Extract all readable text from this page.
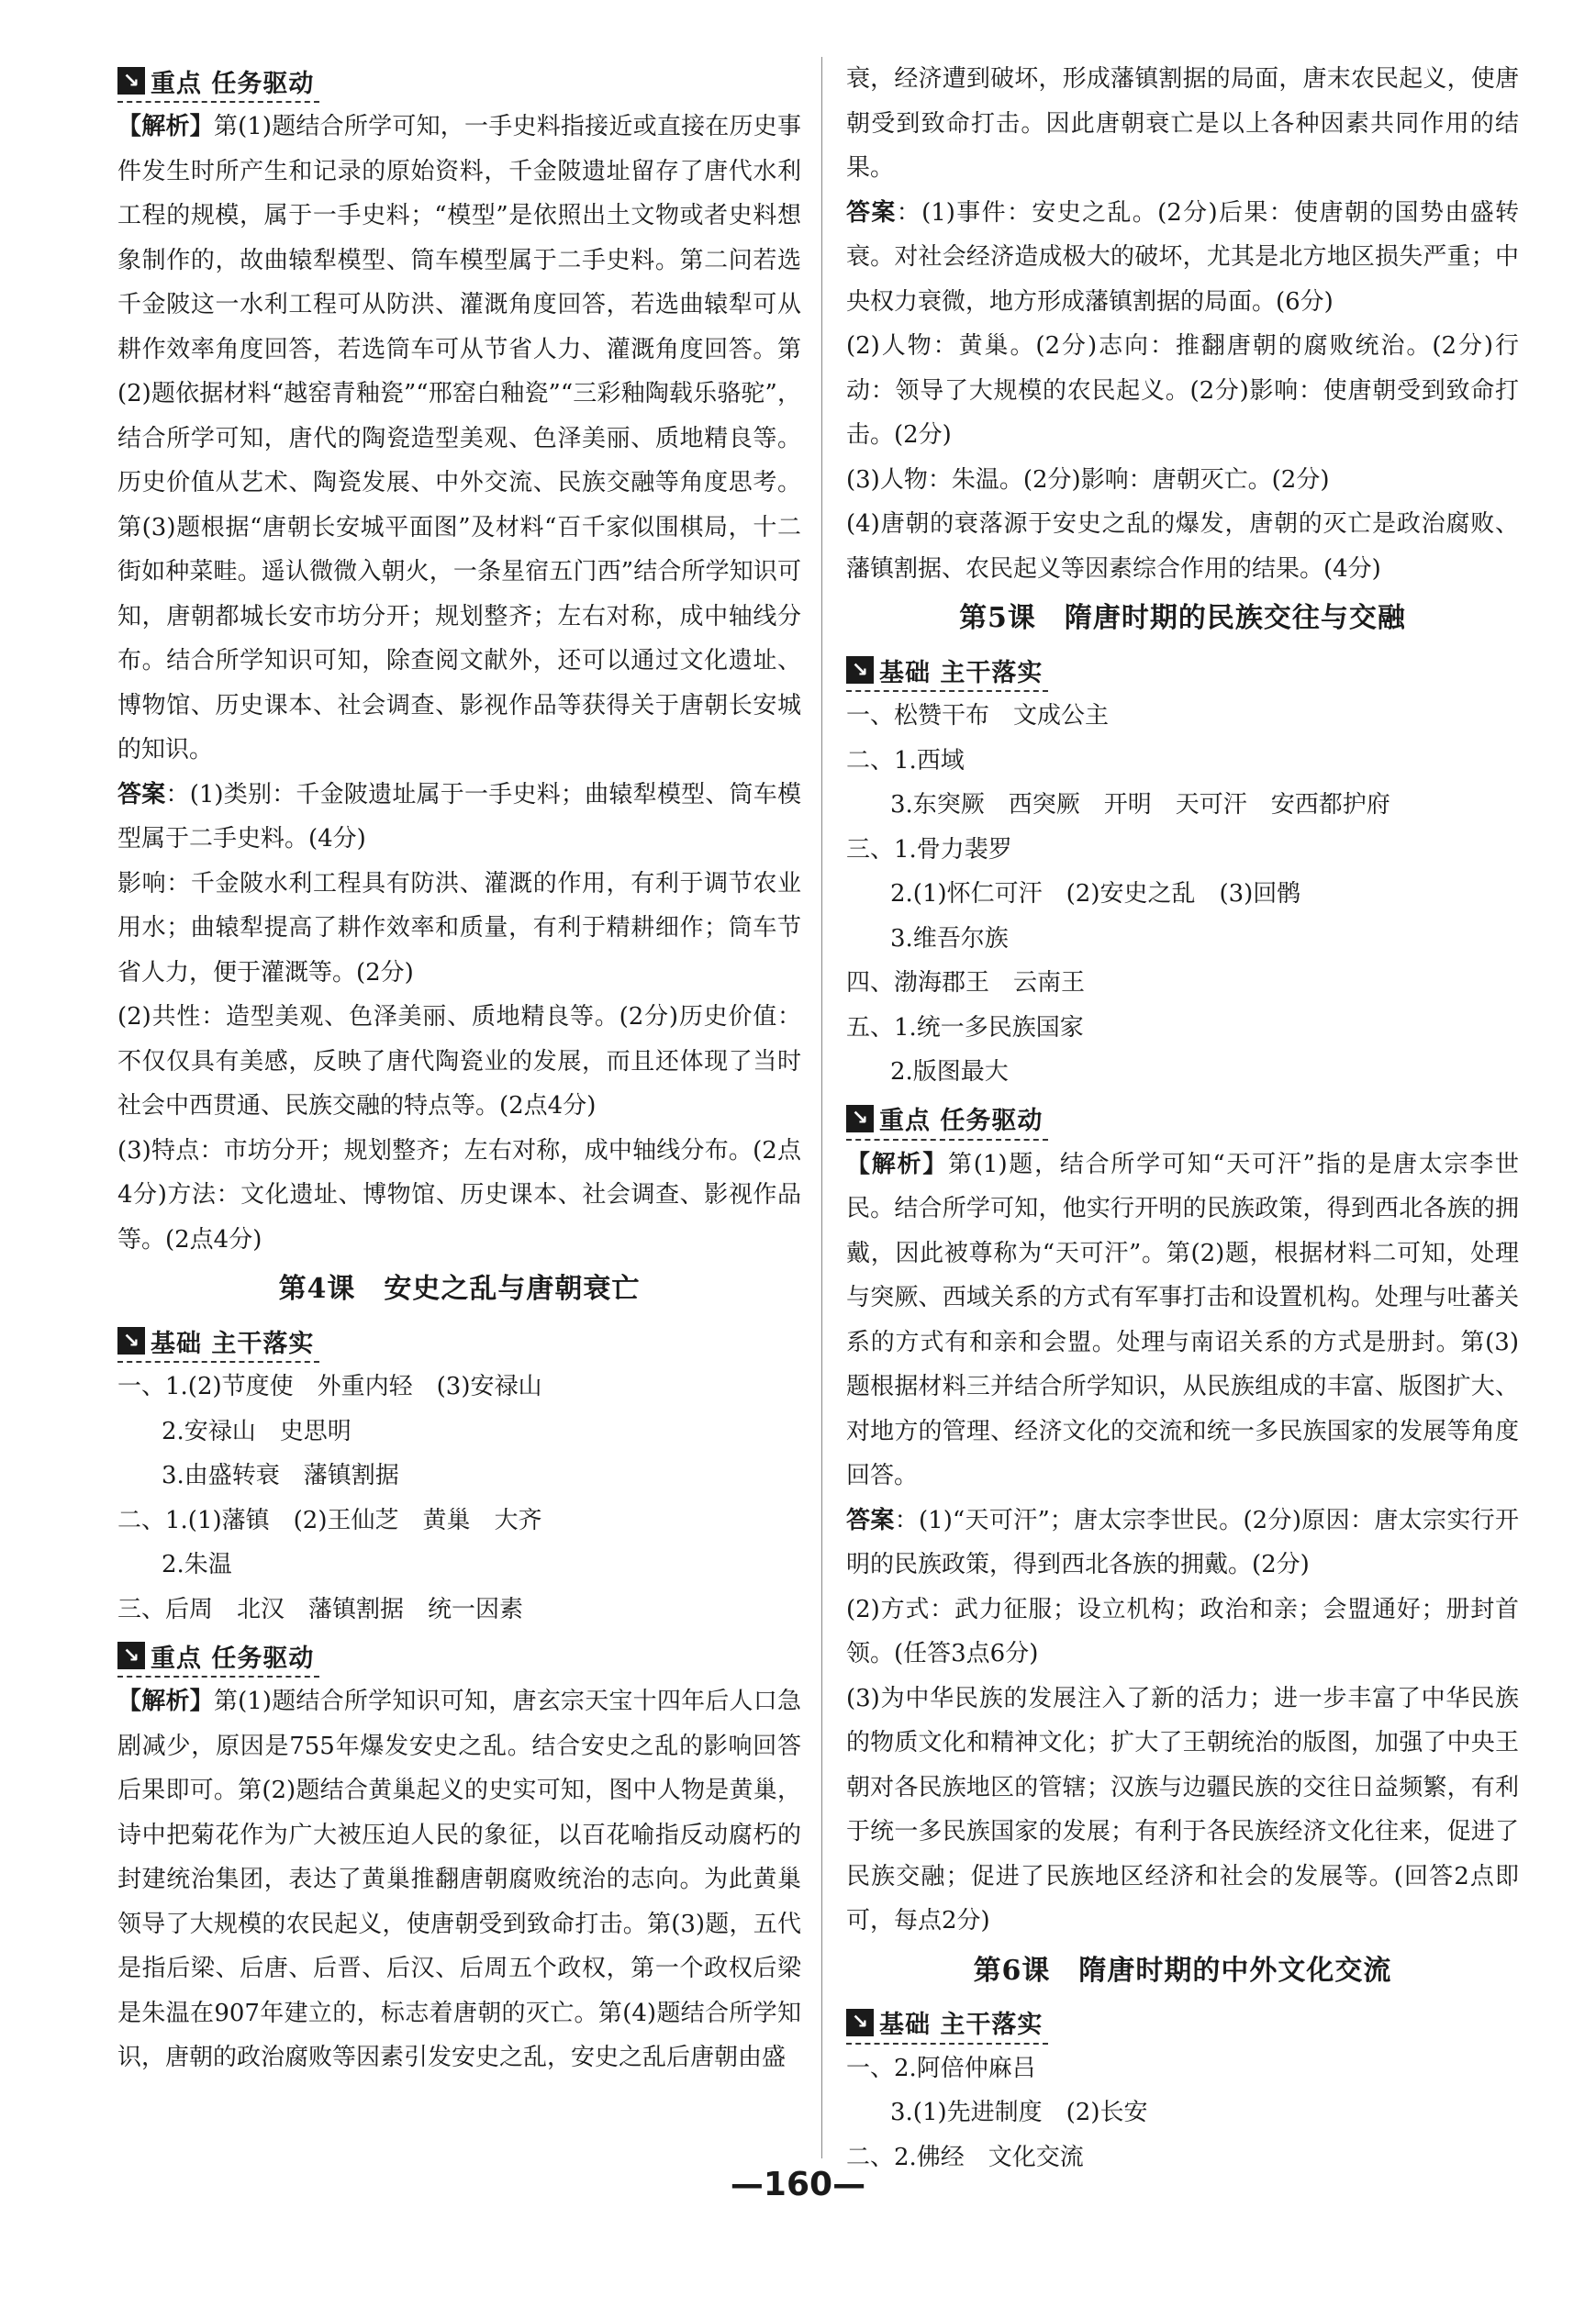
↘ 重点 任务驱动

【解析】第(1)题结合所学可知，一手史料指接近或直接在历史事件发生时所产生和记录的原始资料，千金陂遗址留存了唐代水利工程的规模，属于一手史料；“模型”是依照出土文物或者史料想象制作的，故曲辕犁模型、筒车模型属于二手史料。第二问若选千金陂这一水利工程可从防洪、灌溉角度回答，若选曲辕犁可从耕作效率角度回答，若选筒车可从节省人力、灌溉角度回答。第(2)题依据材料“越窑青釉瓷”“邢窑白釉瓷”“三彩釉陶载乐骆驼”，结合所学可知，唐代的陶瓷造型美观、色泽美丽、质地精良等。历史价值从艺术、陶瓷发展、中外交流、民族交融等角度思考。第(3)题根据“唐朝长安城平面图”及材料“百千家似围棋局，十二街如种菜畦。遥认微微入朝火，一条星宿五门西”结合所学知识可知，唐朝都城长安市坊分开；规划整齐；左右对称，成中轴线分布。结合所学知识可知，除查阅文献外，还可以通过文化遗址、博物馆、历史课本、社会调查、影视作品等获得关于唐朝长安城的知识。

答案：(1)类别：千金陂遗址属于一手史料；曲辕犁模型、筒车模型属于二手史料。(4分)

影响：千金陂水利工程具有防洪、灌溉的作用，有利于调节农业用水；曲辕犁提高了耕作效率和质量，有利于精耕细作；筒车节省人力，便于灌溉等。(2分)

(2)共性：造型美观、色泽美丽、质地精良等。(2分)历史价值：不仅仅具有美感，反映了唐代陶瓷业的发展，而且还体现了当时社会中西贯通、民族交融的特点等。(2点4分)

(3)特点：市坊分开；规划整齐；左右对称，成中轴线分布。(2点4分)方法：文化遗址、博物馆、历史课本、社会调查、影视作品等。(2点4分)

第4课　安史之乱与唐朝衰亡
↘ 基础 主干落实

一、1.(2)节度使　外重内轻　(3)安禄山

2.安禄山　史思明

3.由盛转衰　藩镇割据

二、1.(1)藩镇　(2)王仙芝　黄巢　大齐

2.朱温

三、后周　北汉　藩镇割据　统一因素

↘ 重点 任务驱动

【解析】第(1)题结合所学知识可知，唐玄宗天宝十四年后人口急剧减少，原因是755年爆发安史之乱。结合安史之乱的影响回答后果即可。第(2)题结合黄巢起义的史实可知，图中人物是黄巢，诗中把菊花作为广大被压迫人民的象征，以百花喻指反动腐朽的封建统治集团，表达了黄巢推翻唐朝腐败统治的志向。为此黄巢领导了大规模的农民起义，使唐朝受到致命打击。第(3)题，五代是指后梁、后唐、后晋、后汉、后周五个政权，第一个政权后梁是朱温在907年建立的，标志着唐朝的灭亡。第(4)题结合所学知识，唐朝的政治腐败等因素引发安史之乱，安史之乱后唐朝由盛

衰，经济遭到破坏，形成藩镇割据的局面，唐末农民起义，使唐朝受到致命打击。因此唐朝衰亡是以上各种因素共同作用的结果。

答案：(1)事件：安史之乱。(2分)后果：使唐朝的国势由盛转衰。对社会经济造成极大的破坏，尤其是北方地区损失严重；中央权力衰微，地方形成藩镇割据的局面。(6分)

(2)人物：黄巢。(2分)志向：推翻唐朝的腐败统治。(2分)行动：领导了大规模的农民起义。(2分)影响：使唐朝受到致命打击。(2分)

(3)人物：朱温。(2分)影响：唐朝灭亡。(2分)

(4)唐朝的衰落源于安史之乱的爆发，唐朝的灭亡是政治腐败、藩镇割据、农民起义等因素综合作用的结果。(4分)

第5课　隋唐时期的民族交往与交融
↘ 基础 主干落实

一、松赞干布　文成公主

二、1.西域

3.东突厥　西突厥　开明　天可汗　安西都护府

三、1.骨力裴罗

2.(1)怀仁可汗　(2)安史之乱　(3)回鹘

3.维吾尔族

四、渤海郡王　云南王

五、1.统一多民族国家

2.版图最大

↘ 重点 任务驱动

【解析】第(1)题，结合所学可知“天可汗”指的是唐太宗李世民。结合所学可知，他实行开明的民族政策，得到西北各族的拥戴，因此被尊称为“天可汗”。第(2)题，根据材料二可知，处理与突厥、西域关系的方式有军事打击和设置机构。处理与吐蕃关系的方式有和亲和会盟。处理与南诏关系的方式是册封。第(3)题根据材料三并结合所学知识，从民族组成的丰富、版图扩大、对地方的管理、经济文化的交流和统一多民族国家的发展等角度回答。

答案：(1)“天可汗”；唐太宗李世民。(2分)原因：唐太宗实行开明的民族政策，得到西北各族的拥戴。(2分)

(2)方式：武力征服；设立机构；政治和亲；会盟通好；册封首领。(任答3点6分)

(3)为中华民族的发展注入了新的活力；进一步丰富了中华民族的物质文化和精神文化；扩大了王朝统治的版图，加强了中央王朝对各民族地区的管辖；汉族与边疆民族的交往日益频繁，有利于统一多民族国家的发展；有利于各民族经济文化往来，促进了民族交融；促进了民族地区经济和社会的发展等。(回答2点即可，每点2分)

第6课　隋唐时期的中外文化交流
↘ 基础 主干落实

一、2.阿倍仲麻吕

3.(1)先进制度　(2)长安

二、2.佛经　文化交流

—160—
